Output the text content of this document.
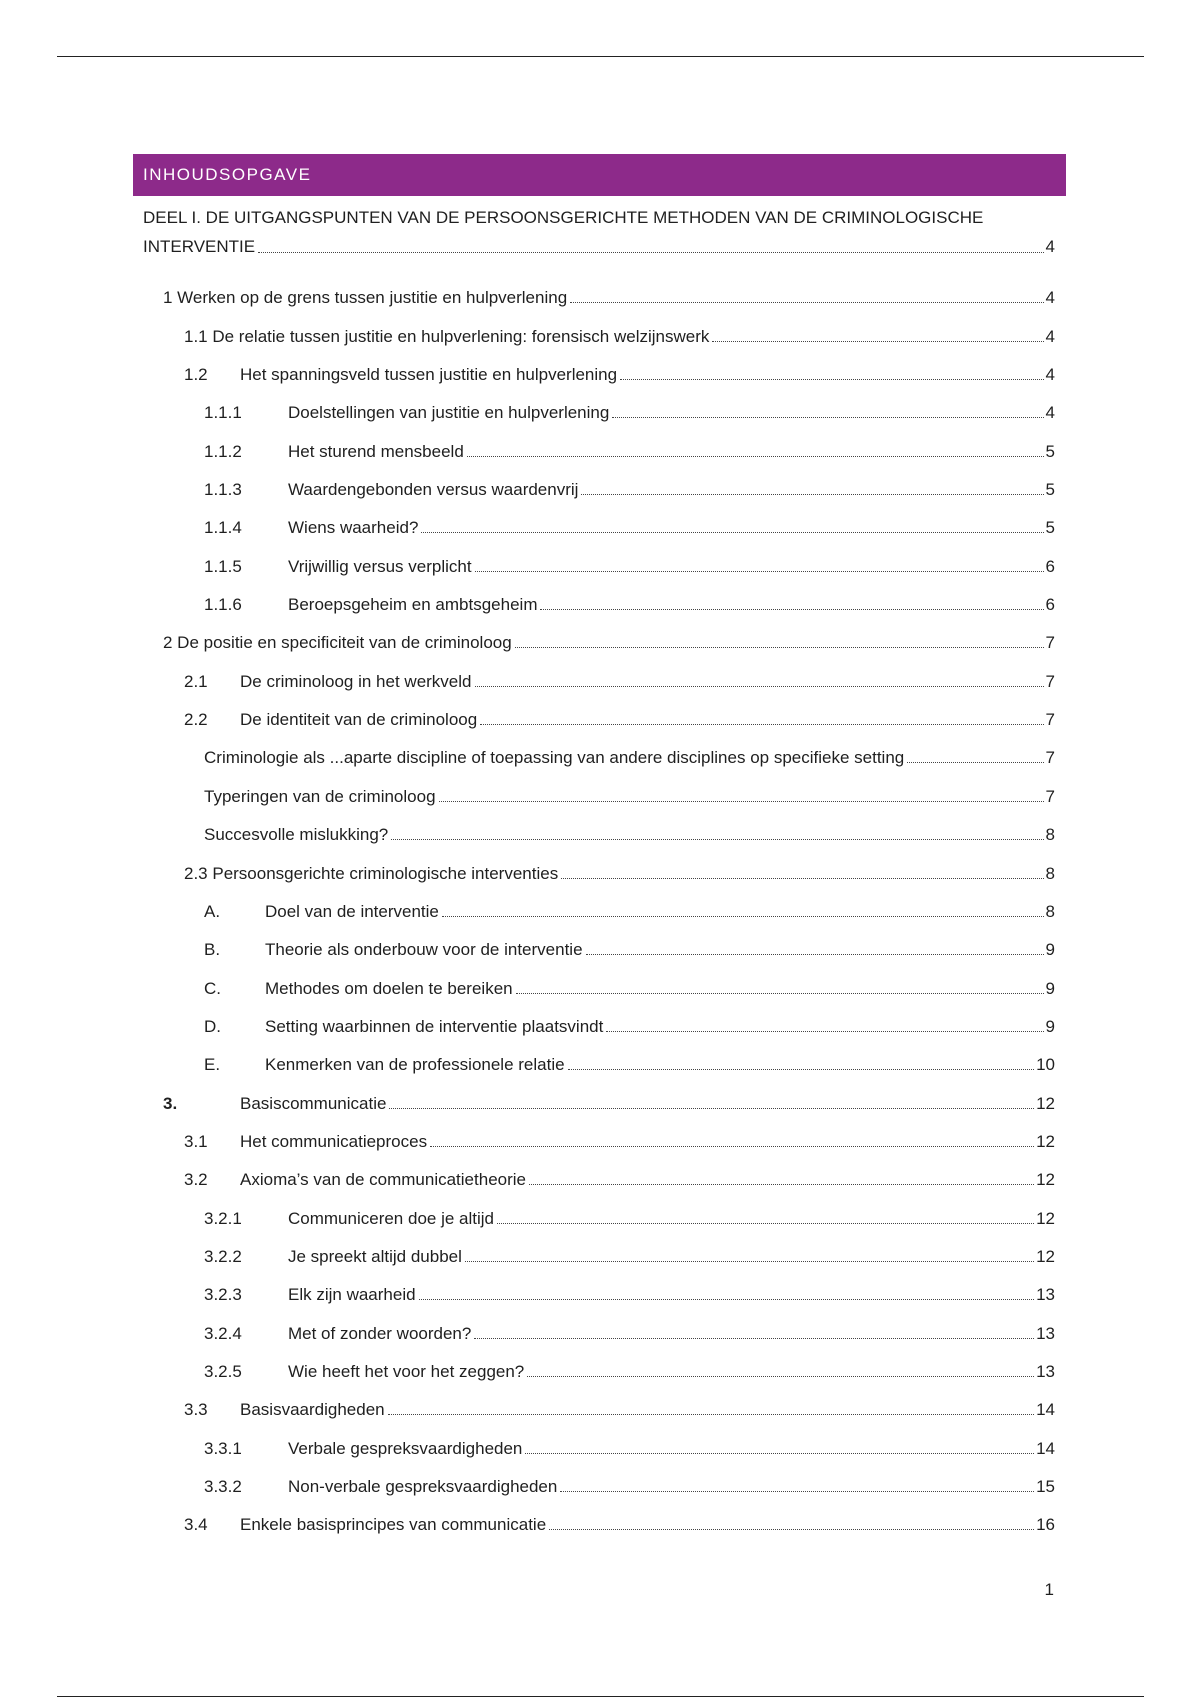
INHOUDSOPGAVE
DEEL I. DE UITGANGSPUNTEN VAN DE PERSOONSGERICHTE METHODEN VAN DE CRIMINOLOGISCHE
INTERVENTIE	4
1 Werken op de grens tussen justitie en hulpverlening	4
1.1 De relatie tussen justitie en hulpverlening: forensisch welzijnswerk	4
1.2	Het spanningsveld tussen justitie en hulpverlening	4
1.1.1	Doelstellingen van justitie en hulpverlening	4
1.1.2	Het sturend mensbeeld	5
1.1.3	Waardengebonden versus waardenvrij	5
1.1.4	Wiens waarheid?	5
1.1.5	Vrijwillig versus verplicht	6
1.1.6	Beroepsgeheim en ambtsgeheim	6
2 De positie en specificiteit van de criminoloog	7
2.1	De criminoloog in het werkveld	7
2.2	De identiteit van de criminoloog	7
Criminologie als ...aparte discipline of toepassing van andere disciplines op specifieke setting	7
Typeringen van de criminoloog	7
Succesvolle mislukking?	8
2.3 Persoonsgerichte criminologische interventies	8
A.	Doel van de interventie	8
B.	Theorie als onderbouw voor de interventie	9
C.	Methodes om doelen te bereiken	9
D.	Setting waarbinnen de interventie plaatsvindt	9
E.	Kenmerken van de professionele relatie	10
3.	Basiscommunicatie	12
3.1	Het communicatieproces	12
3.2	Axioma’s van de communicatietheorie	12
3.2.1	Communiceren doe je altijd	12
3.2.2	Je spreekt altijd dubbel	12
3.2.3	Elk zijn waarheid	13
3.2.4	Met of zonder woorden?	13
3.2.5	Wie heeft het voor het zeggen?	13
3.3	Basisvaardigheden	14
3.3.1	Verbale gespreksvaardigheden	14
3.3.2	Non-verbale gespreksvaardigheden	15
3.4	Enkele basisprincipes van communicatie	16
1
